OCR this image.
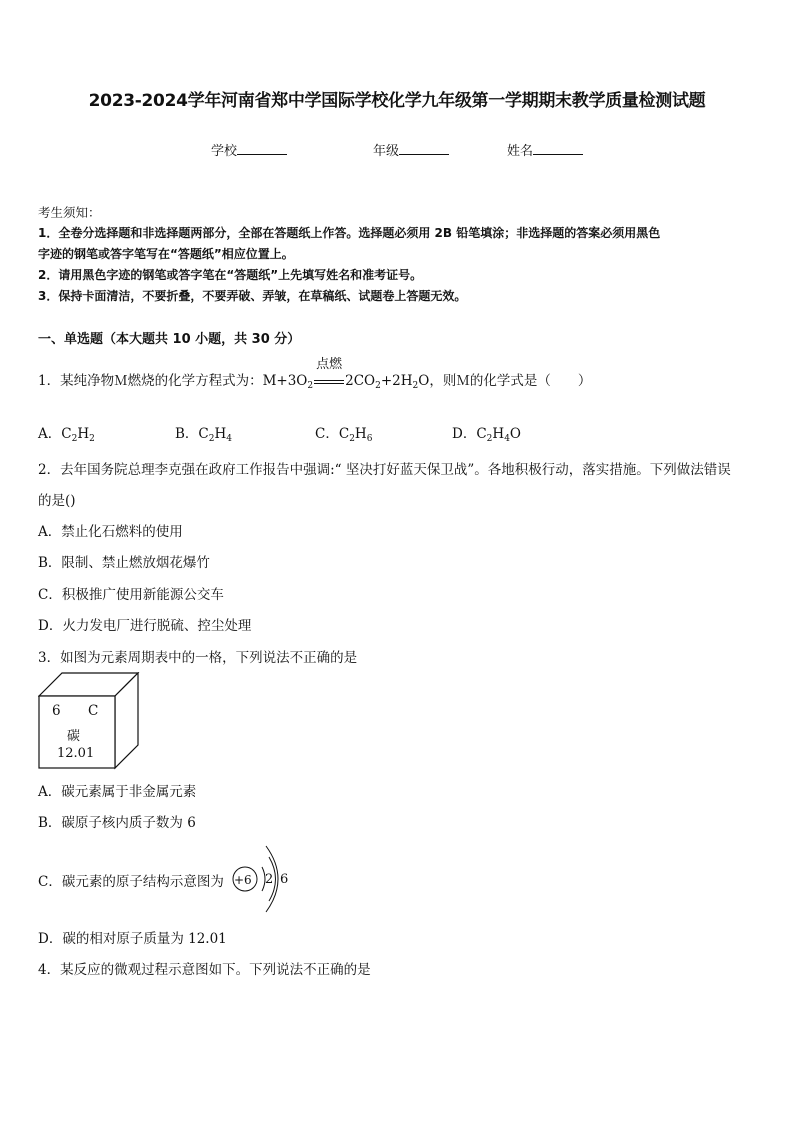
2023-2024学年河南省郑中学国际学校化学九年级第一学期期末教学质量检测试题
学校	年级	姓名
考生须知：
1．全卷分选择题和非选择题两部分，全部在答题纸上作答。选择题必须用 2B 铅笔填涂；非选择题的答案必须用黑色
字迹的钢笔或答字笔写在“答题纸”相应位置上。
2．请用黑色字迹的钢笔或答字笔在“答题纸”上先填写姓名和准考证号。
3．保持卡面清洁，不要折叠，不要弄破、弄皱，在草稿纸、试题卷上答题无效。
一、单选题（本大题共 10 小题，共 30 分）
1．某纯净物Ｍ燃烧的化学方程式为：$M+3O_2$
点燃
$2CO_2+2H_2O$，则Ｍ的化学式是（　　）
A．$C_2H_2$	B．$C_2H_4$	C．$C_2H_6$	D．$C_2H_4O$
2．去年国务院总理李克强在政府工作报告中强调:“ 坚决打好蓝天保卫战”。各地积极行动，落实措施。下列做法错误
的是()
A．禁止化石燃料的使用
B．限制、禁止燃放烟花爆竹
C．积极推广使用新能源公交车
D．火力发电厂进行脱硫、控尘处理
3．如图为元素周期表中的一格，下列说法不正确的是
6 C
碳
12.01
A．碳元素属于非金属元素
B．碳原子核内质子数为 6
C．碳元素的原子结构示意图为 +6 2 6
D．碳的相对原子质量为 12.01
4．某反应的微观过程示意图如下。下列说法不正确的是
